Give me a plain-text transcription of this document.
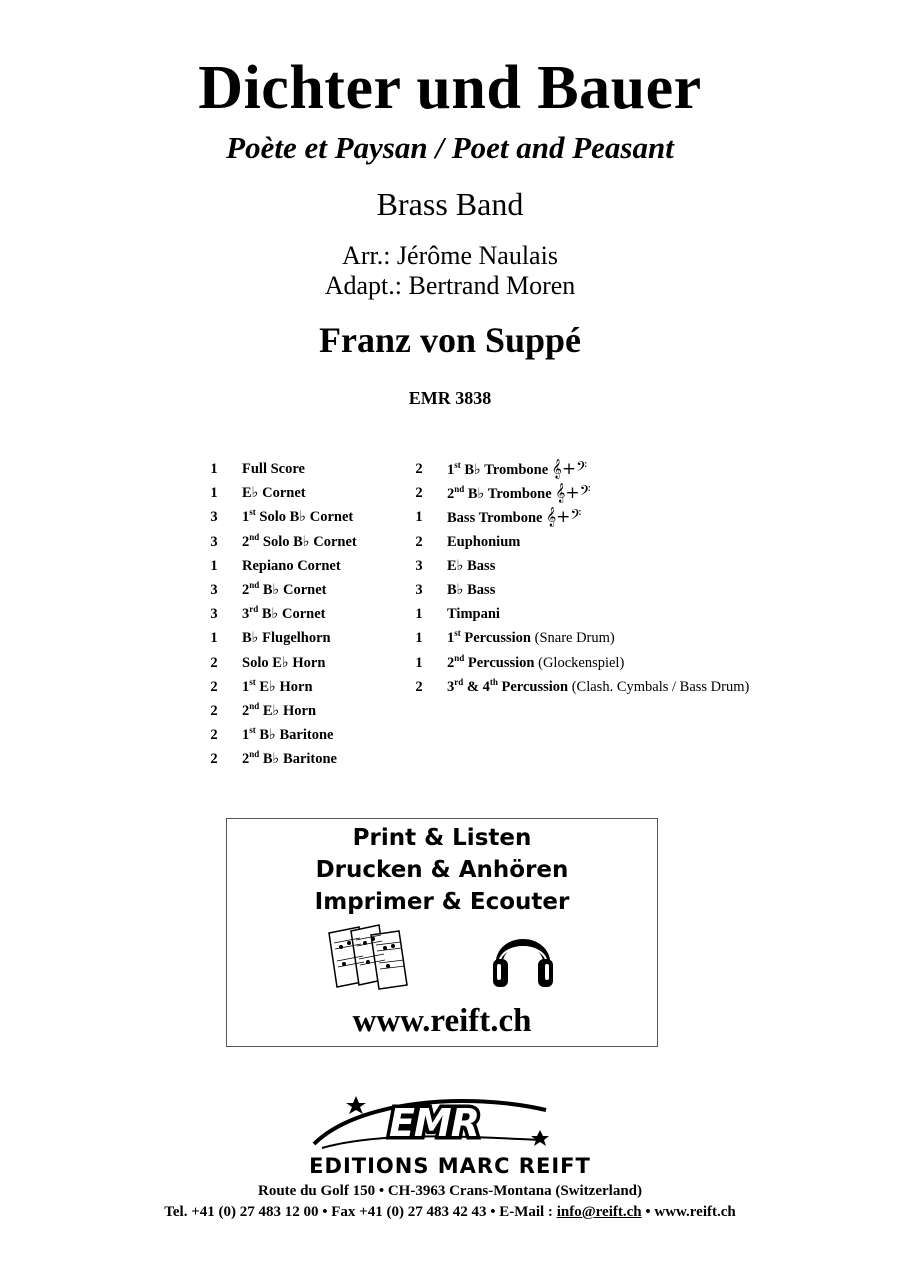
Dichter und Bauer
Poète et Paysan / Poet and Peasant
Brass Band
Arr.: Jérôme Naulais
Adapt.: Bertrand Moren
Franz von Suppé
EMR 3838
1	Full Score
1	E♭ Cornet
3	1st Solo B♭ Cornet
3	2nd Solo B♭ Cornet
1	Repiano Cornet
3	2nd B♭ Cornet
3	3rd B♭ Cornet
1	B♭ Flugelhorn
2	Solo E♭ Horn
2	1st E♭ Horn
2	2nd E♭ Horn
2	1st B♭ Baritone
2	2nd B♭ Baritone
2	1st B♭ Trombone 𝄞+𝄢
2	2nd B♭ Trombone 𝄞+𝄢
1	Bass Trombone 𝄞+𝄢
2	Euphonium
3	E♭ Bass
3	B♭ Bass
1	Timpani
1	1st Percussion (Snare Drum)
1	2nd Percussion (Glockenspiel)
2	3rd & 4th Percussion (Clash. Cymbals / Bass Drum)
Print & Listen
Drucken & Anhören
Imprimer & Ecouter
www.reift.ch
EMR
EDITIONS MARC REIFT
Route du Golf 150 • CH-3963 Crans-Montana (Switzerland)
Tel. +41 (0) 27 483 12 00 • Fax +41 (0) 27 483 42 43 • E-Mail : info@reift.ch • www.reift.ch
